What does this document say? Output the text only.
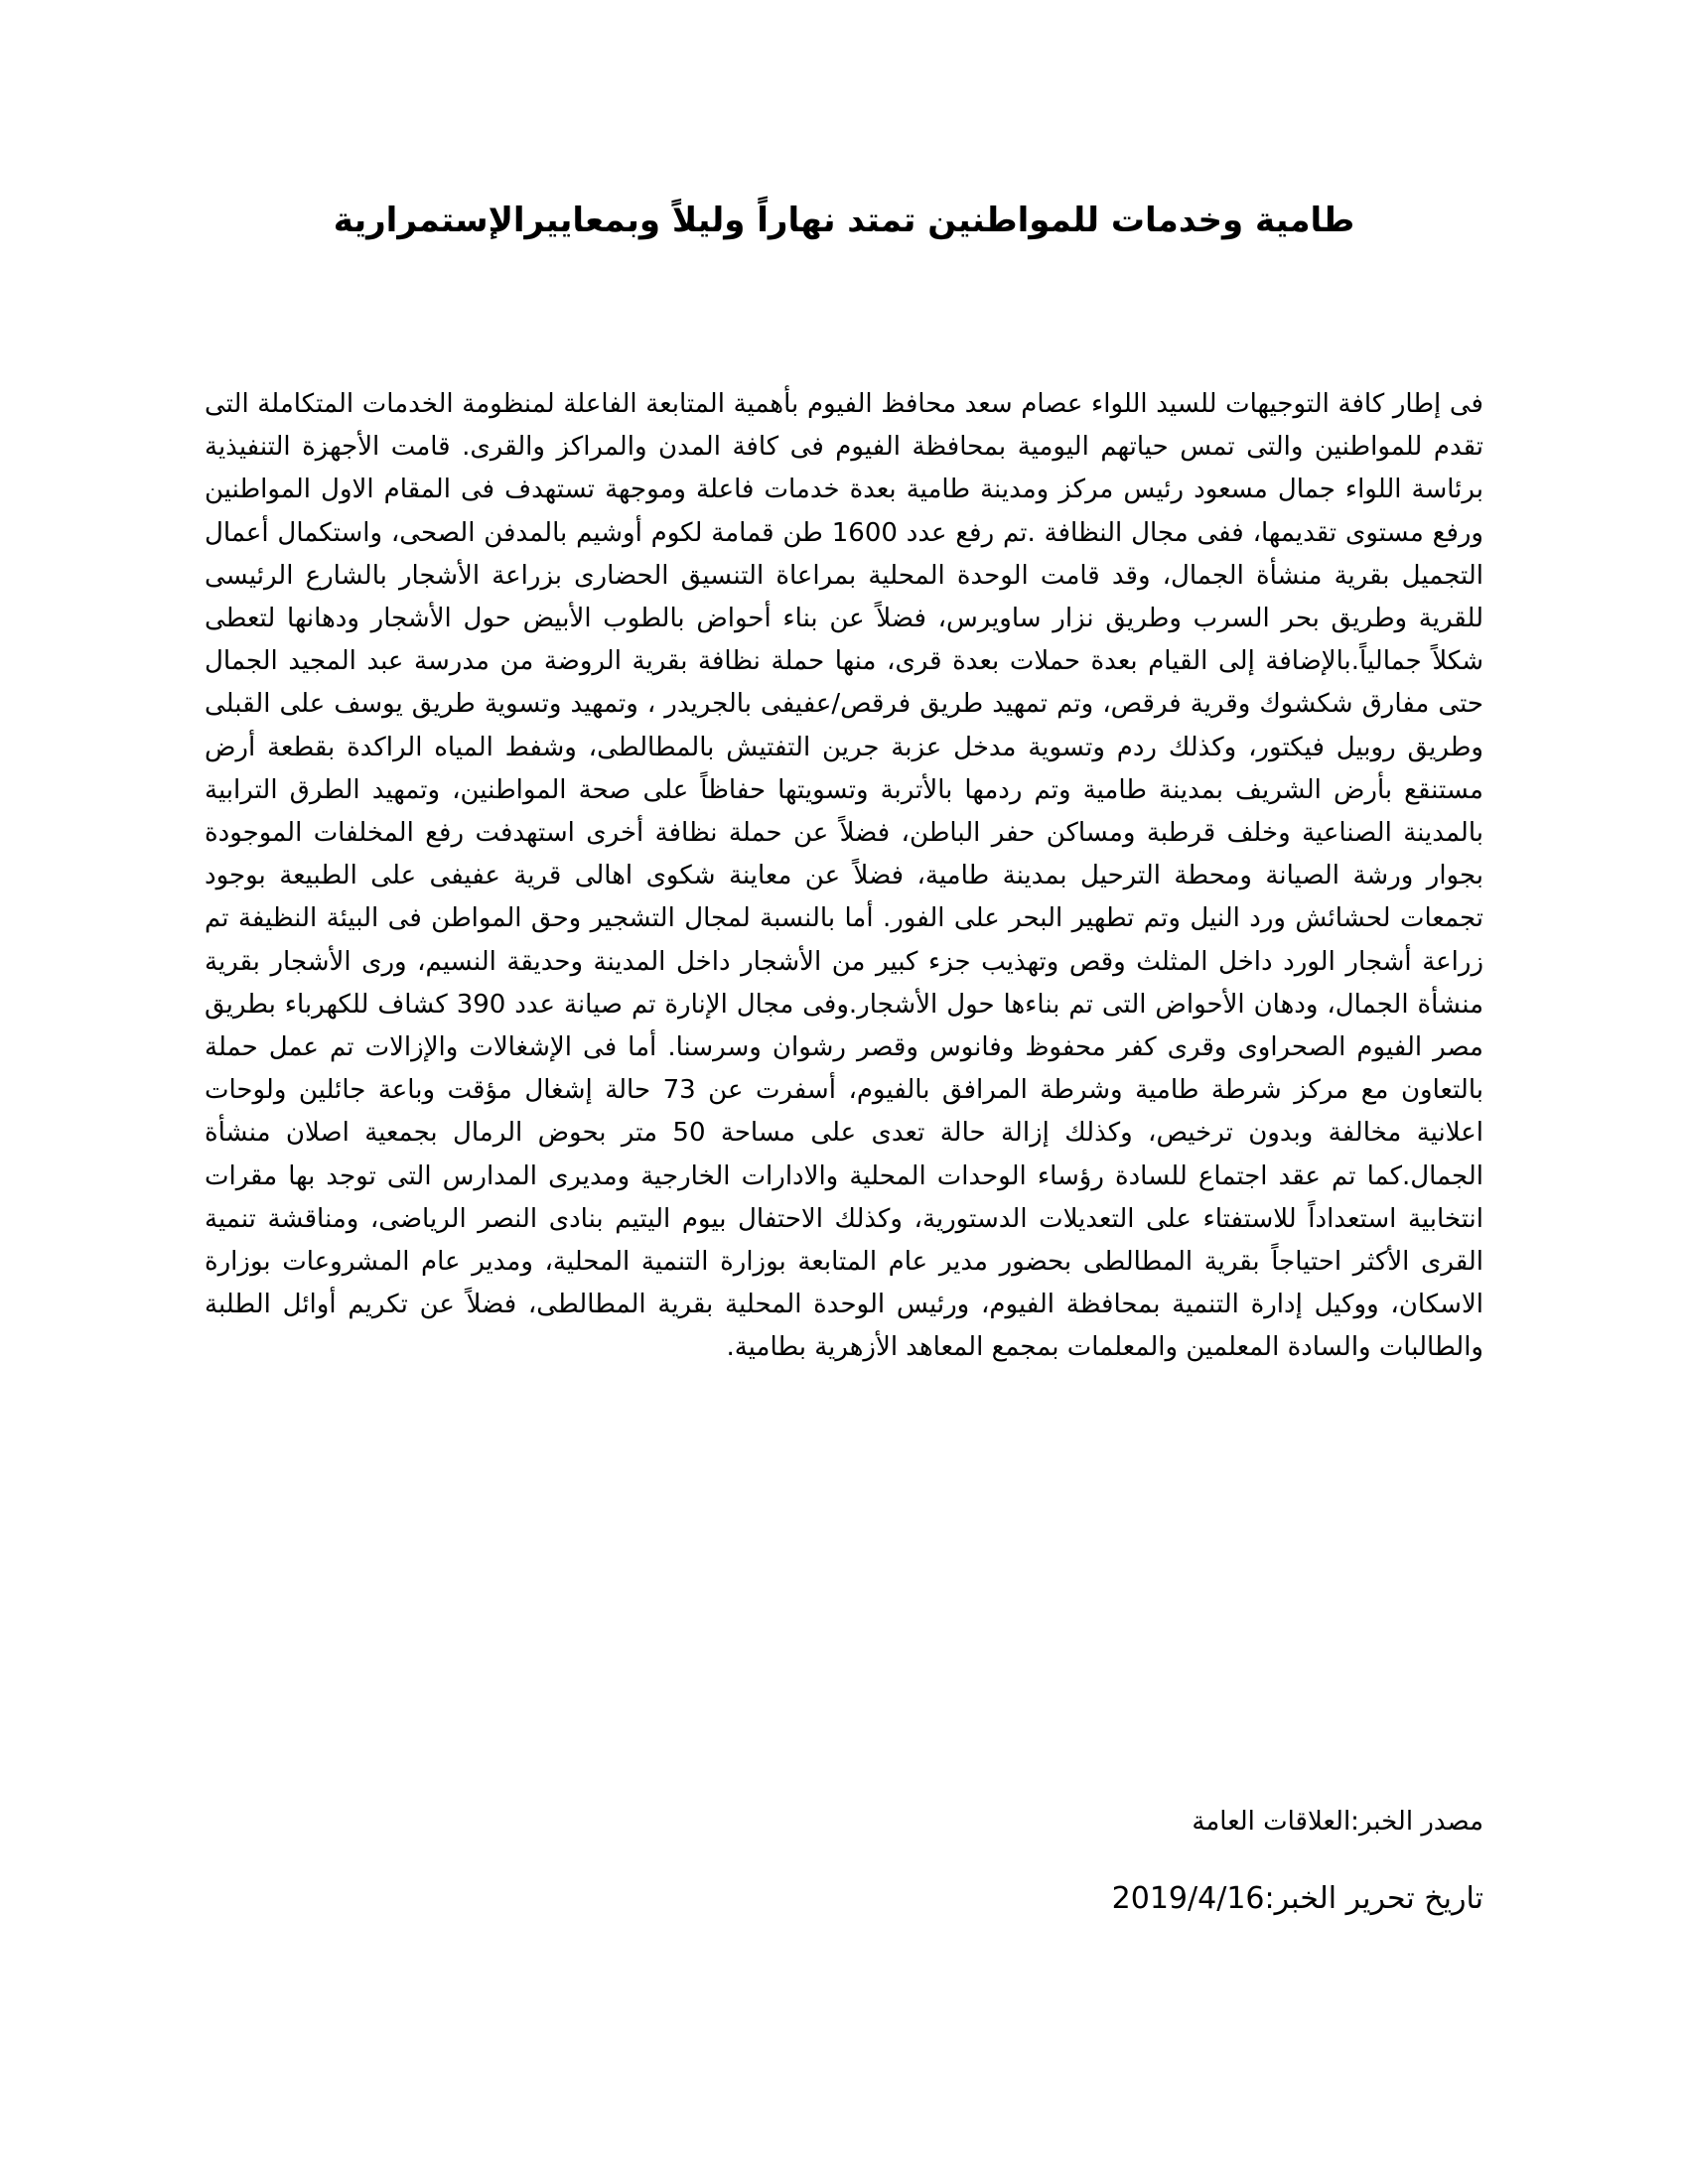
طامية وخدمات للمواطنين تمتد نهاراً وليلاً وبمعاييرالإستمرارية

فى إطار كافة التوجيهات للسيد اللواء عصام سعد محافظ الفيوم بأهمية المتابعة الفاعلة لمنظومة الخدمات المتكاملة التى تقدم للمواطنين والتى تمس حياتهم اليومية بمحافظة الفيوم فى كافة المدن والمراكز والقرى. قامت الأجهزة التنفيذية برئاسة اللواء جمال مسعود رئيس مركز ومدينة طامية بعدة خدمات فاعلة وموجهة تستهدف فى المقام الاول المواطنين ورفع مستوى تقديمها، ففى مجال النظافة .تم رفع عدد 1600 طن قمامة لكوم أوشيم بالمدفن الصحى، واستكمال أعمال التجميل بقرية منشأة الجمال، وقد قامت الوحدة المحلية بمراعاة التنسيق الحضارى بزراعة الأشجار بالشارع الرئيسى للقرية وطريق بحر السرب وطريق نزار ساويرس، فضلاً عن بناء أحواض بالطوب الأبيض حول الأشجار ودهانها لتعطى شكلاً جمالياً.بالإضافة إلى القيام بعدة حملات بعدة قرى، منها حملة نظافة بقرية الروضة من مدرسة عبد المجيد الجمال حتى مفارق شكشوك وقرية فرقص، وتم تمهيد طريق فرقص/عفيفى بالجريدر ، وتمهيد وتسوية طريق يوسف على القبلى وطريق روبيل فيكتور، وكذلك ردم وتسوية مدخل عزبة جرين التفتيش بالمطالطى، وشفط المياه الراكدة بقطعة أرض مستنقع بأرض الشريف بمدينة طامية وتم ردمها بالأتربة وتسويتها حفاظاً على صحة المواطنين، وتمهيد الطرق الترابية بالمدينة الصناعية وخلف قرطبة ومساكن حفر الباطن، فضلاً عن حملة نظافة أخرى استهدفت رفع المخلفات الموجودة بجوار ورشة الصيانة ومحطة الترحيل بمدينة طامية، فضلاً عن معاينة شكوى اهالى قرية عفيفى على الطبيعة بوجود تجمعات لحشائش ورد النيل وتم تطهير البحر على الفور. أما بالنسبة لمجال التشجير وحق المواطن فى البيئة النظيفة تم زراعة أشجار الورد داخل المثلث وقص وتهذيب جزء كبير من الأشجار داخل المدينة وحديقة النسيم، ورى الأشجار بقرية منشأة الجمال، ودهان الأحواض التى تم بناءها حول الأشجار.وفى مجال الإنارة تم صيانة عدد 390 كشاف للكهرباء بطريق مصر الفيوم الصحراوى وقرى كفر محفوظ وفانوس وقصر رشوان وسرسنا. أما فى الإشغالات والإزالات تم عمل حملة بالتعاون مع مركز شرطة طامية وشرطة المرافق بالفيوم، أسفرت عن 73 حالة إشغال مؤقت وباعة جائلين ولوحات اعلانية مخالفة وبدون ترخيص، وكذلك إزالة حالة تعدى على مساحة 50 متر بحوض الرمال بجمعية اصلان منشأة الجمال.كما تم عقد اجتماع للسادة رؤساء الوحدات المحلية والادارات الخارجية ومديرى المدارس التى توجد بها مقرات انتخابية استعداداً للاستفتاء على التعديلات الدستورية، وكذلك الاحتفال بيوم اليتيم بنادى النصر الرياضى، ومناقشة تنمية القرى الأكثر احتياجاً بقرية المطالطى بحضور مدير عام المتابعة بوزارة التنمية المحلية، ومدير عام المشروعات بوزارة الاسكان، ووكيل إدارة التنمية بمحافظة الفيوم، ورئيس الوحدة المحلية بقرية المطالطى، فضلاً عن تكريم أوائل الطلبة والطالبات والسادة المعلمين والمعلمات بمجمع المعاهد الأزهرية بطامية.

مصدر الخبر:العلاقات العامة

تاريخ تحرير الخبر:2019/4/16
